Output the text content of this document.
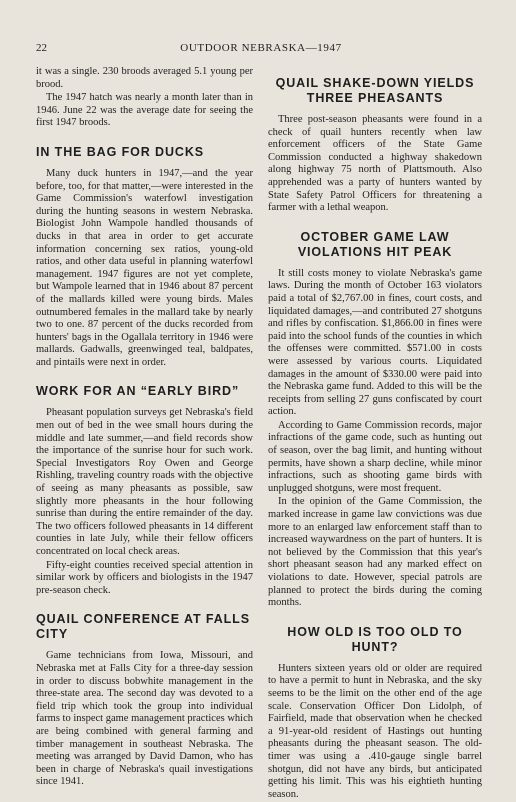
22	OUTDOOR NEBRASKA—1947

it was a single. 230 broods averaged 5.1 young per brood.

The 1947 hatch was nearly a month later than in 1946. June 22 was the average date for seeing the first 1947 broods.

IN THE BAG FOR DUCKS

Many duck hunters in 1947,—and the year before, too, for that matter,—were interested in the Game Commission's waterfowl investigation during the hunting seasons in western Nebraska. Biologist John Wampole handled thousands of ducks in that area in order to get accurate information concerning sex ratios, young-old ratios, and other data useful in planning waterfowl management. 1947 figures are not yet complete, but Wampole learned that in 1946 about 87 percent of the mallards killed were young birds. Males outnumbered females in the mallard take by nearly two to one. 87 percent of the ducks recorded from hunters' bags in the Ogallala territory in 1946 were mallards. Gadwalls, greenwinged teal, baldpates, and pintails were next in order.

WORK FOR AN “EARLY BIRD”

Pheasant population surveys get Nebraska's field men out of bed in the wee small hours during the middle and late summer,—and field records show the importance of the sunrise hour for such work. Special Investigators Roy Owen and George Rishling, traveling country roads with the objective of seeing as many pheasants as possible, saw slightly more pheasants in the hour following sunrise than during the entire remainder of the day. The two officers followed pheasants in 14 different counties in late July, while their fellow officers concentrated on local check areas.

Fifty-eight counties received special attention in similar work by officers and biologists in the 1947 pre-season check.

QUAIL CONFERENCE AT FALLS CITY

Game technicians from Iowa, Missouri, and Nebraska met at Falls City for a three-day session in order to discuss bobwhite management in the three-state area. The second day was devoted to a field trip which took the group into individual farms to inspect game management practices which are being combined with general farming and timber management in southeast Nebraska. The meeting was arranged by David Damon, who has been in charge of Nebraska's quail investigations since 1941.

QUAIL SHAKE-DOWN YIELDS THREE PHEASANTS

Three post-season pheasants were found in a check of quail hunters recently when law enforcement officers of the State Game Commission conducted a highway shakedown along highway 75 north of Plattsmouth. Also apprehended was a party of hunters wanted by State Safety Patrol Officers for threatening a farmer with a lethal weapon.

OCTOBER GAME LAW VIOLATIONS HIT PEAK

It still costs money to violate Nebraska's game laws. During the month of October 163 violators paid a total of $2,767.00 in fines, court costs, and liquidated damages,—and contributed 27 shotguns and rifles by confiscation. $1,866.00 in fines were paid into the school funds of the counties in which the offenses were committed. $571.00 in costs were assessed by various courts. Liquidated damages in the amount of $330.00 were paid into the Nebraska game fund. Added to this will be the receipts from selling 27 guns confiscated by court action.

According to Game Commission records, major infractions of the game code, such as hunting out of season, over the bag limit, and hunting without permits, have shown a sharp decline, while minor infractions, such as shooting game birds with unplugged shotguns, were most frequent.

In the opinion of the Game Commission, the marked increase in game law convictions was due more to an enlarged law enforcement staff than to increased waywardness on the part of hunters. It is not believed by the Commission that this year's short pheasant season had any marked effect on violations to date. However, special patrols are planned to protect the birds during the coming months.

HOW OLD IS TOO OLD TO HUNT?

Hunters sixteen years old or older are required to have a permit to hunt in Nebraska, and the sky seems to be the limit on the other end of the age scale. Conservation Officer Don Lidolph, of Fairfield, made that observation when he checked a 91-year-old resident of Hastings out hunting pheasants during the pheasant season. The old-timer was using a .410-gauge single barrel shotgun, did not have any birds, but anticipated getting his limit. This was his eightieth hunting season.
